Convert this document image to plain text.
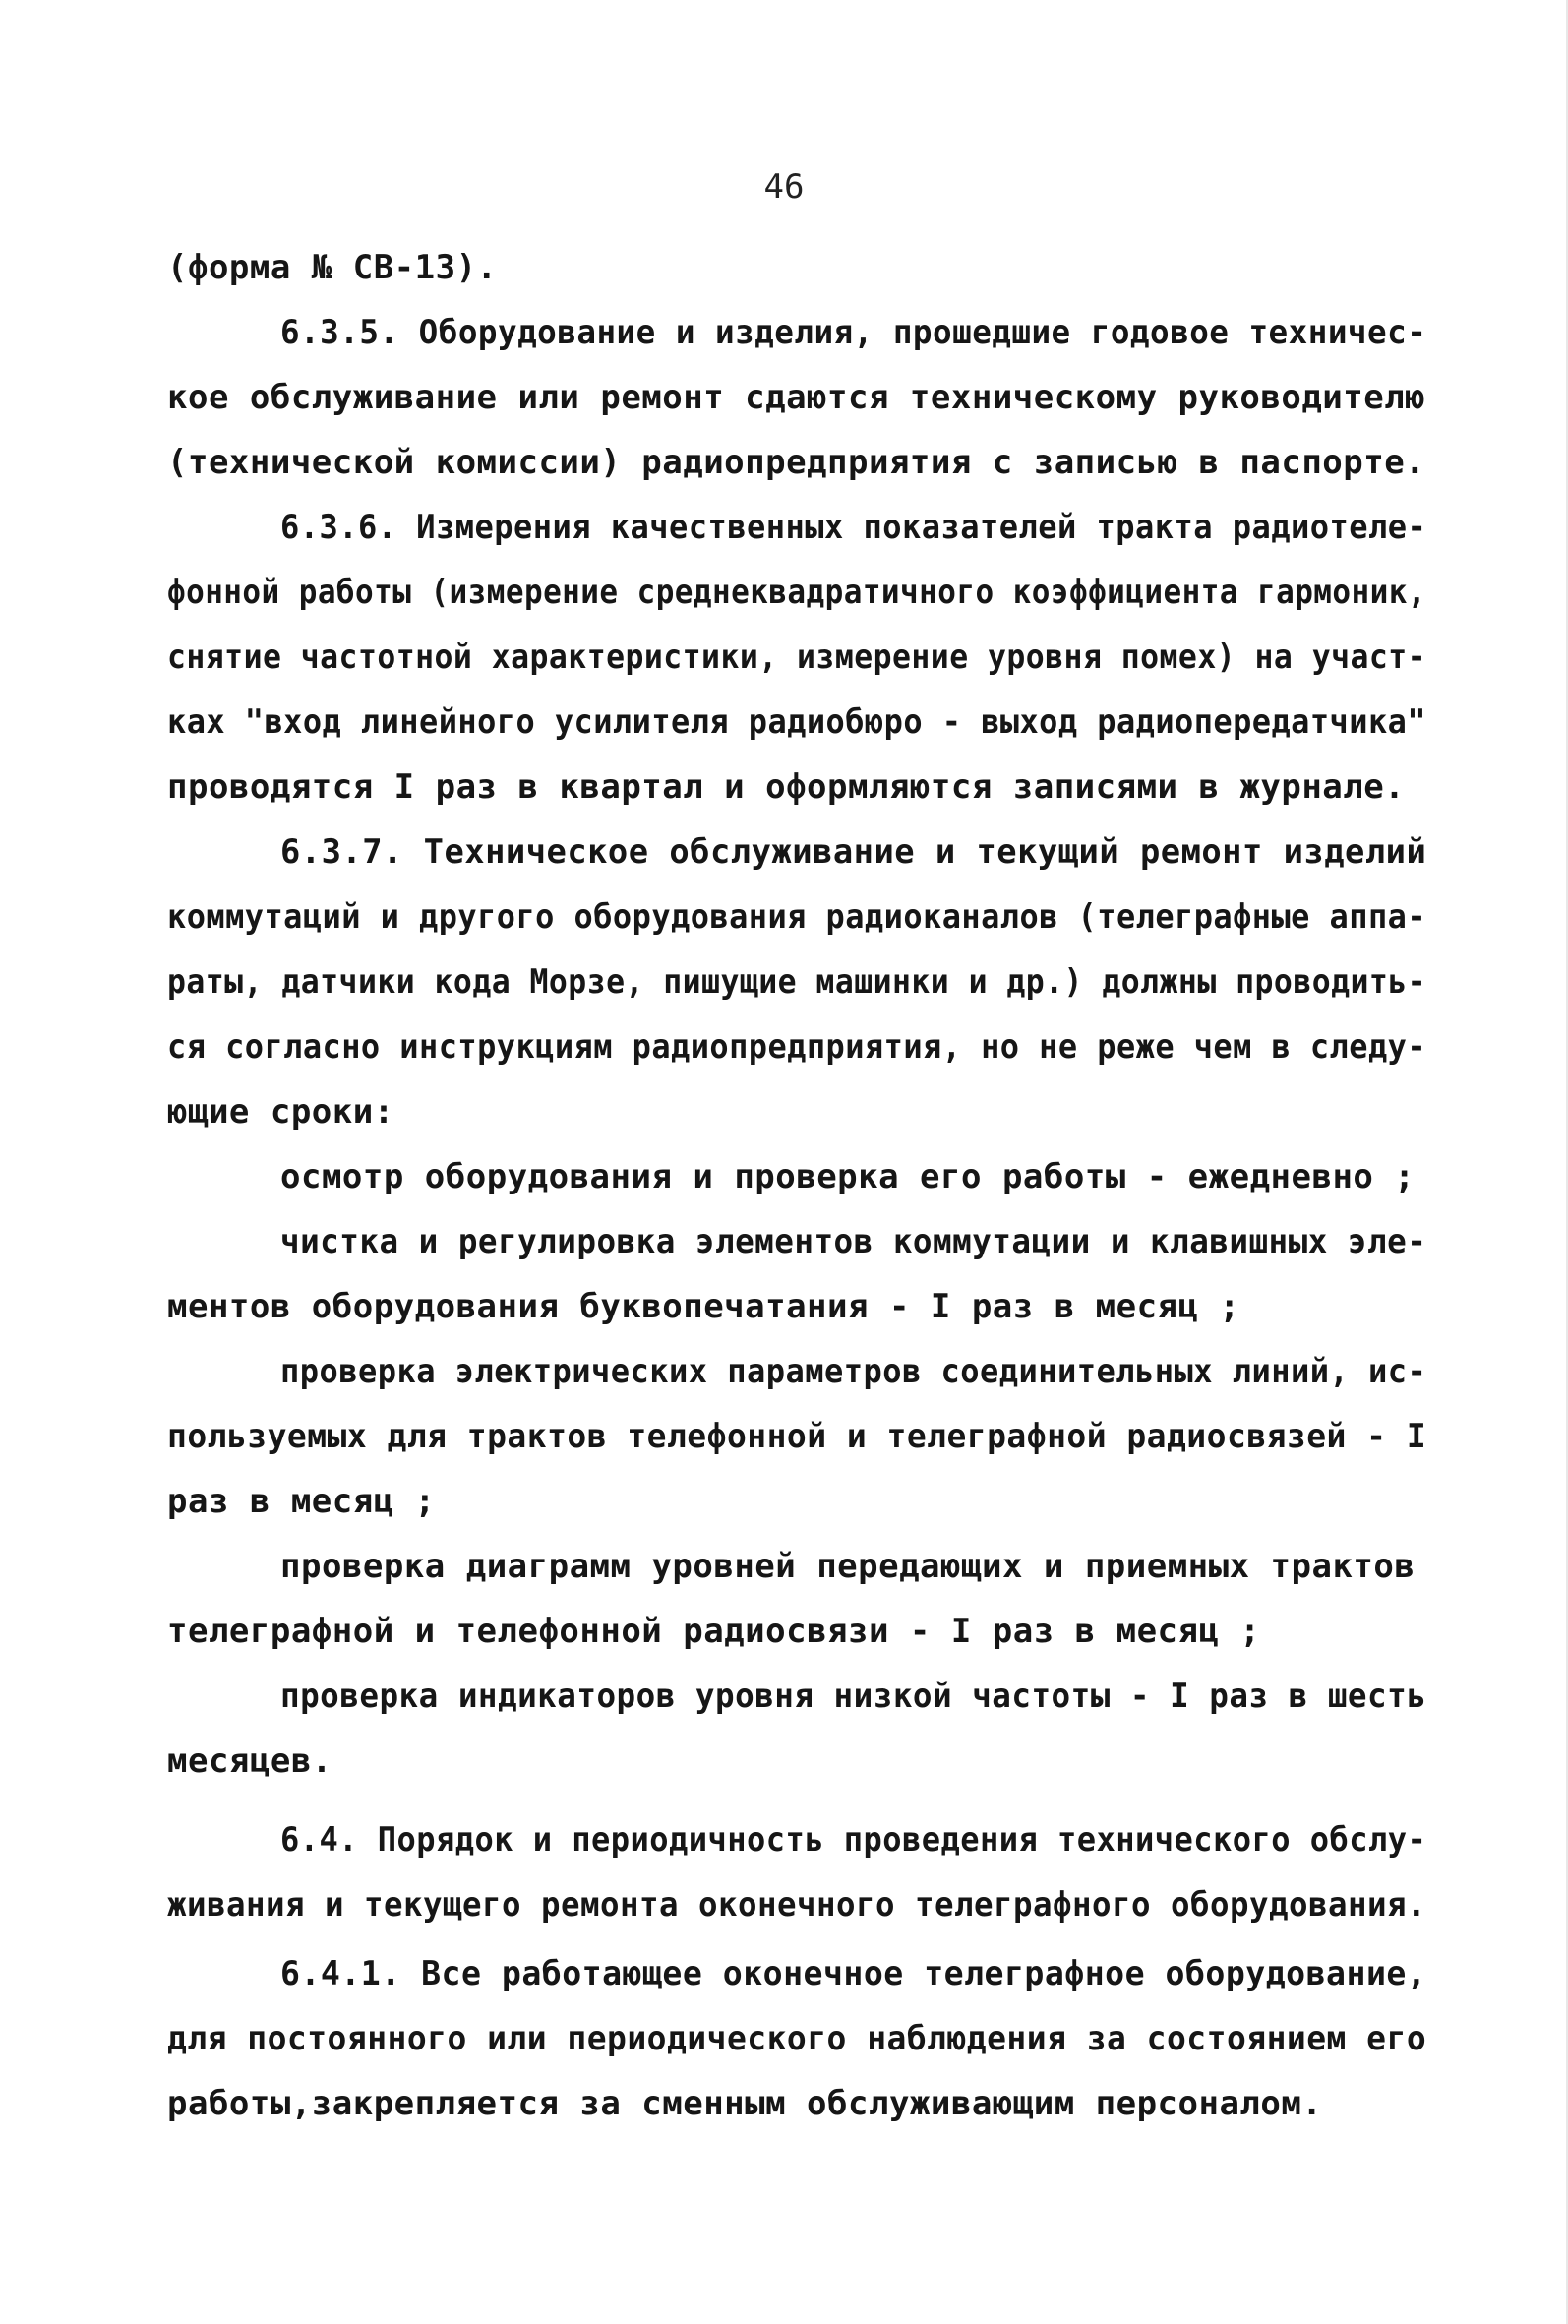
46
(форма № СВ-13).
6.3.5. Оборудование и изделия, прошедшие годовое техничес-
кое обслуживание или ремонт сдаются техническому руководителю
(технической комиссии) радиопредприятия с записью в паспорте.
6.3.6. Измерения качественных показателей тракта радиотеле-
фонной работы (измерение среднеквадратичного коэффициента гармоник,
снятие частотной характеристики, измерение уровня помех) на участ-
ках "вход линейного усилителя радиобюро - выход радиопередатчика"
проводятся I раз в квартал и оформляются записями в журнале.
6.3.7. Техническое обслуживание и текущий ремонт изделий
коммутаций и другого оборудования радиоканалов (телеграфные аппа-
раты, датчики кода Морзе, пишущие машинки и др.) должны проводить-
ся согласно инструкциям радиопредприятия, но не реже чем в следу-
ющие сроки:
осмотр оборудования и проверка его работы - ежедневно ;
чистка и регулировка элементов коммутации и клавишных эле-
ментов оборудования буквопечатания - I раз в месяц ;
проверка электрических параметров соединительных линий, ис-
пользуемых для трактов телефонной и телеграфной радиосвязей - I
раз в месяц ;
проверка диаграмм уровней передающих и приемных трактов
телеграфной и телефонной радиосвязи - I раз в месяц ;
проверка индикаторов уровня низкой частоты - I раз в шесть
месяцев.
6.4. Порядок и периодичность проведения технического обслу-
живания и текущего ремонта оконечного телеграфного оборудования.
6.4.1. Все работающее оконечное телеграфное оборудование,
для постоянного или периодического наблюдения за состоянием его
работы,закрепляется за сменным обслуживающим персоналом.
